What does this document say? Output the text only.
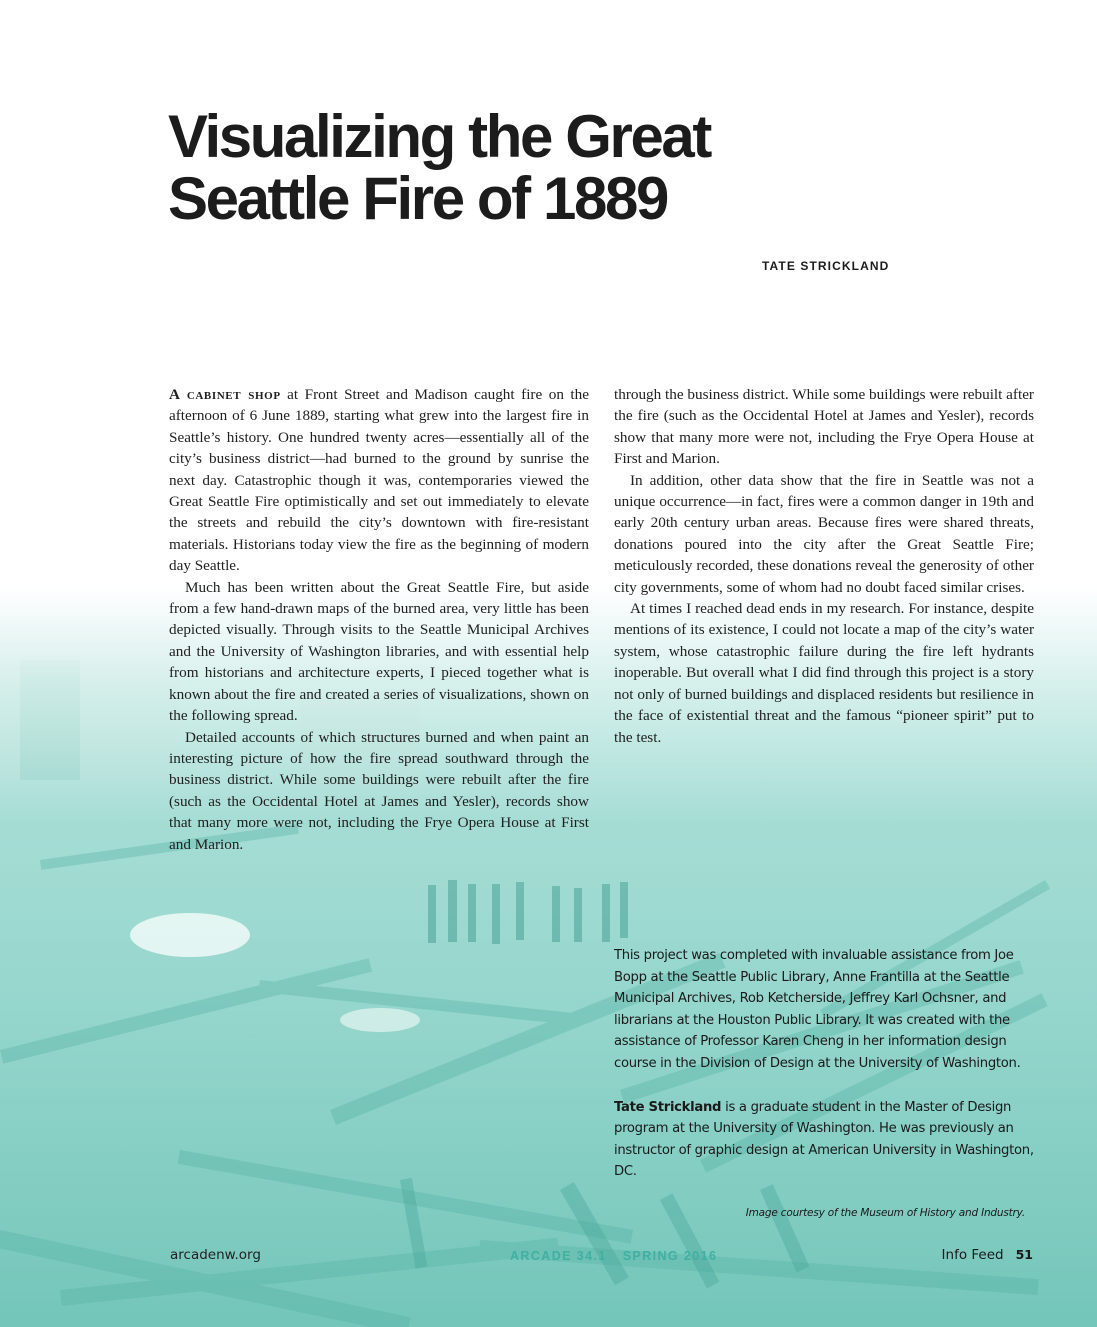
Visualizing the Great
Seattle Fire of 1889
TATE STRICKLAND

A cabinet shop at Front Street and Madison caught fire on the afternoon of 6 June 1889, starting what grew into the largest fire in Seattle’s history. One hundred twenty acres—essentially all of the city’s business district—had burned to the ground by sunrise the next day. Catastrophic though it was, contemporaries viewed the Great Seattle Fire optimistically and set out immediately to elevate the streets and rebuild the city’s downtown with fire-resistant materials. Historians today view the fire as the beginning of modern day Seattle.

Much has been written about the Great Seattle Fire, but aside from a few hand-drawn maps of the burned area, very little has been depicted visually. Through visits to the Seattle Municipal Archives and the University of Washington libraries, and with essential help from historians and architecture experts, I pieced together what is known about the fire and created a series of visualizations, shown on the following spread.

Detailed accounts of which structures burned and when paint an interesting picture of how the fire spread southward through the business district. While some buildings were rebuilt after the fire (such as the Occidental Hotel at James and Yesler), records show that many more were not, including the Frye Opera House at First and Marion.

through the business district. While some buildings were rebuilt after the fire (such as the Occidental Hotel at James and Yesler), records show that many more were not, including the Frye Opera House at First and Marion.

In addition, other data show that the fire in Seattle was not a unique occurrence—in fact, fires were a common danger in 19th and early 20th century urban areas. Because fires were shared threats, donations poured into the city after the Great Seattle Fire; meticulously recorded, these donations reveal the generosity of other city governments, some of whom had no doubt faced similar crises.

At times I reached dead ends in my research. For instance, despite mentions of its existence, I could not locate a map of the city’s water system, whose catastrophic failure during the fire left hydrants inoperable. But overall what I did find through this project is a story not only of burned buildings and displaced residents but resilience in the face of existential threat and the famous “pioneer spirit” put to the test.

This project was completed with invaluable assistance from Joe Bopp at the Seattle Public Library, Anne Frantilla at the Seattle Municipal Archives, Rob Ketcherside, Jeffrey Karl Ochsner, and librarians at the Houston Public Library. It was created with the assistance of Professor Karen Cheng in her information design course in the Division of Design at the University of Washington.

Tate Strickland is a graduate student in the Master of Design program at the University of Washington. He was previously an instructor of graphic design at American University in Washington, DC.

Image courtesy of the Museum of History and Industry.
arcadenw.org	ARCADE 34.1 SPRING 2016	Info Feed 51
